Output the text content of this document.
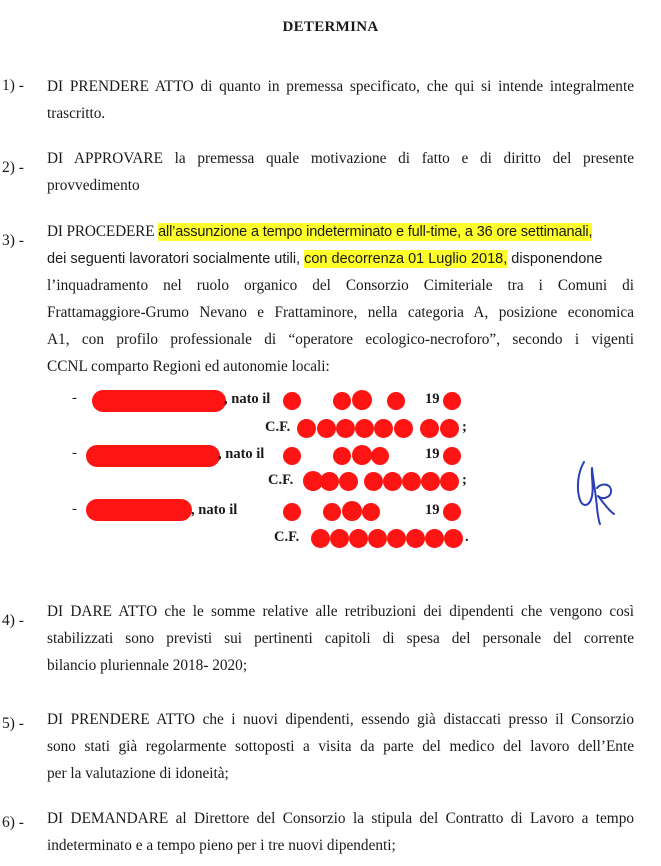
DETERMINA
1) - DI PRENDERE ATTO di quanto in premessa specificato, che qui si intende integralmente
trascritto.
2) -
DI APPROVARE la premessa quale motivazione di fatto e di diritto del presente
provvedimento
3) -
DI PROCEDERE all’assunzione a tempo indeterminato e full-time, a 36 ore settimanali,
dei seguenti lavoratori socialmente utili, con decorrenza 01 Luglio 2018, disponendone
l’inquadramento nel ruolo organico del Consorzio Cimiteriale tra i Comuni di
Frattamaggiore-Grumo Nevano e Frattaminore, nella categoria A, posizione economica
A1, con profilo professionale di “operatore ecologico-necroforo”, secondo i vigenti
CCNL comparto Regioni ed autonomie locali:
-	, nato il	19
C.F.	;
-	, nato il	19
C.F.	;
-	, nato il	19
C.F.	.
4) -
DI DARE ATTO che le somme relative alle retribuzioni dei dipendenti che vengono così
stabilizzati sono previsti sui pertinenti capitoli di spesa del personale del corrente
bilancio pluriennale 2018- 2020;
5) - DI PRENDERE ATTO che i nuovi dipendenti, essendo già distaccati presso il Consorzio
sono stati già regolarmente sottoposti a visita da parte del medico del lavoro dell’Ente
per la valutazione di idoneità;
6) - DI DEMANDARE al Direttore del Consorzio la stipula del Contratto di Lavoro a tempo
indeterminato e a tempo pieno per i tre nuovi dipendenti;
